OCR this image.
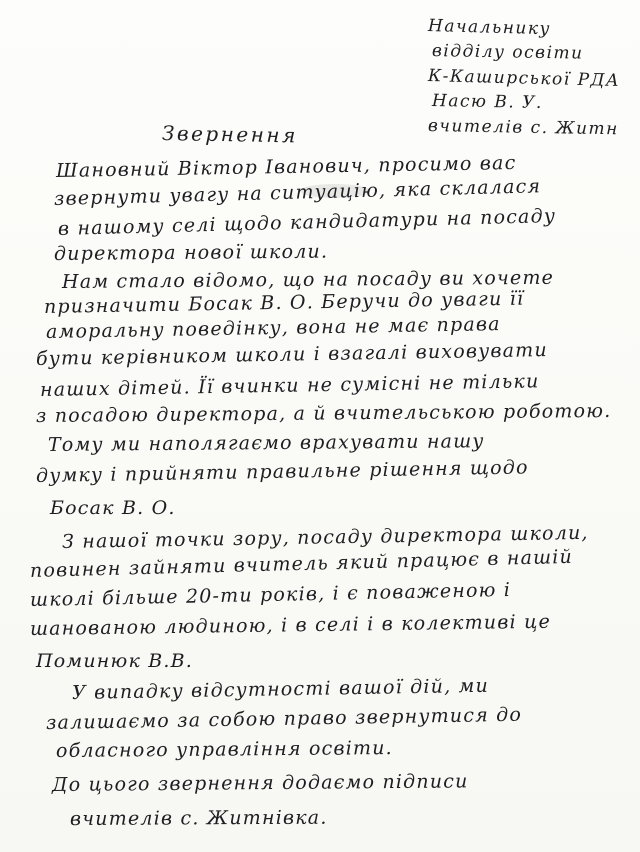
Начальнику
відділу освіти
К-Каширської РДА
Насю В. У.
вчителів с. Житн
Звернення
Шановний Віктор Іванович, просимо вас
звернути увагу на ситуацію, яка склалася
в нашому селі щодо кандидатури на посаду
директора нової школи.
Нам стало відомо, що на посаду ви хочете
призначити Босак В. О. Беручи до уваги її
аморальну поведінку, вона не має права
бути керівником школи і взагалі виховувати
наших дітей. Її вчинки не сумісні не тільки
з посадою директора, а й вчительською роботою.
Тому ми наполягаємо врахувати нашу
думку і прийняти правильне рішення щодо
Босак В. О.
З нашої точки зору, посаду директора школи,
повинен зайняти вчитель який працює в нашій
школі більше 20-ти років, і є поваженою і
шанованою людиною, і в селі і в колективі це
Поминюк В.В.
У випадку відсутності вашої дій, ми
залишаємо за собою право звернутися до
обласного управління освіти.
До цього звернення додаємо підписи
вчителів с. Житнівка.
